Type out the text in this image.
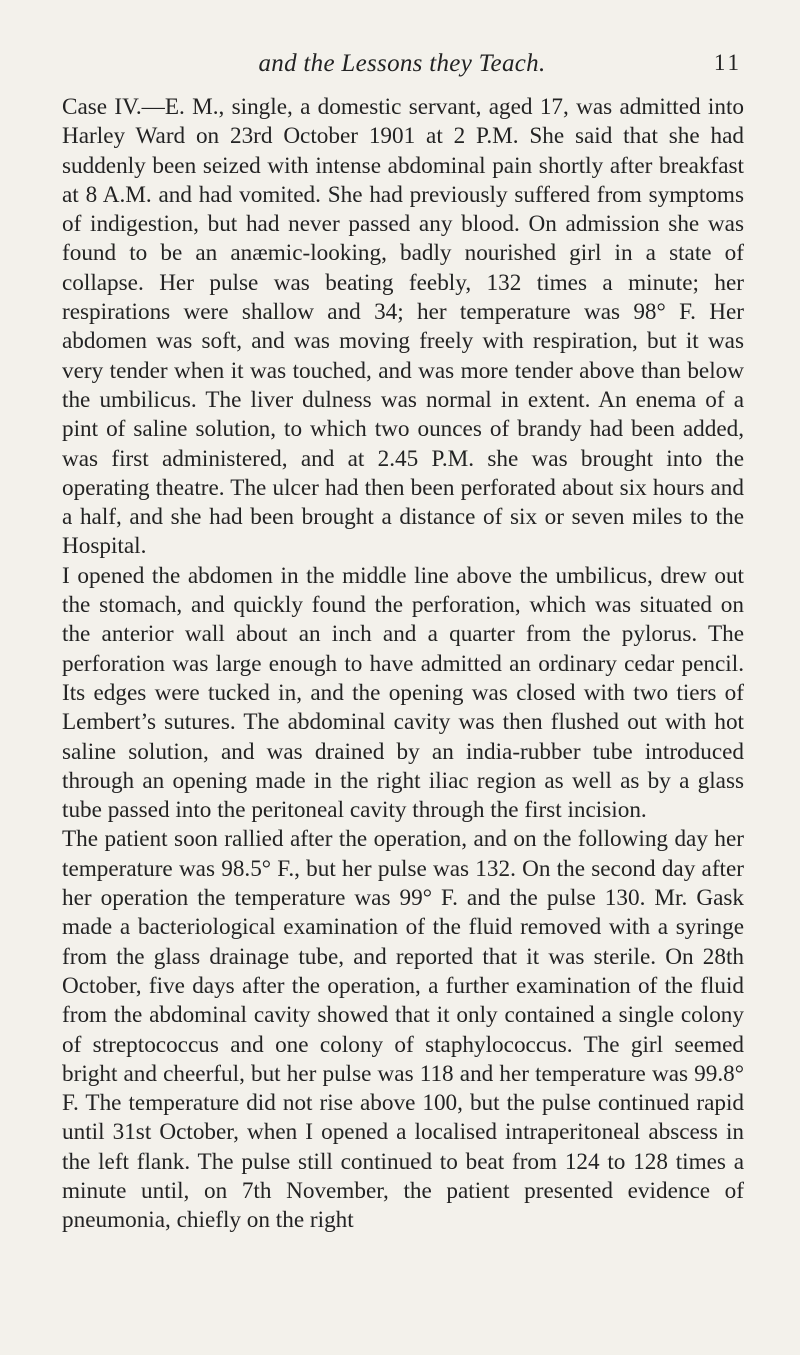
and the Lessons they Teach.	11

Case IV.—E. M., single, a domestic servant, aged 17, was admitted into Harley Ward on 23rd October 1901 at 2 P.M. She said that she had suddenly been seized with intense abdominal pain shortly after breakfast at 8 A.M. and had vomited. She had previously suffered from symptoms of indigestion, but had never passed any blood. On admission she was found to be an anæmic-looking, badly nourished girl in a state of collapse. Her pulse was beating feebly, 132 times a minute; her respirations were shallow and 34; her temperature was 98° F. Her abdomen was soft, and was moving freely with respiration, but it was very tender when it was touched, and was more tender above than below the umbilicus. The liver dulness was normal in extent. An enema of a pint of saline solution, to which two ounces of brandy had been added, was first administered, and at 2.45 P.M. she was brought into the operating theatre. The ulcer had then been perforated about six hours and a half, and she had been brought a distance of six or seven miles to the Hospital.

I opened the abdomen in the middle line above the umbilicus, drew out the stomach, and quickly found the perforation, which was situated on the anterior wall about an inch and a quarter from the pylorus. The perforation was large enough to have admitted an ordinary cedar pencil. Its edges were tucked in, and the opening was closed with two tiers of Lembert’s sutures. The abdominal cavity was then flushed out with hot saline solution, and was drained by an india-rubber tube introduced through an opening made in the right iliac region as well as by a glass tube passed into the peritoneal cavity through the first incision.

The patient soon rallied after the operation, and on the following day her temperature was 98.5° F., but her pulse was 132. On the second day after her operation the temperature was 99° F. and the pulse 130. Mr. Gask made a bacteriological examination of the fluid removed with a syringe from the glass drainage tube, and reported that it was sterile. On 28th October, five days after the operation, a further examination of the fluid from the abdominal cavity showed that it only contained a single colony of streptococcus and one colony of staphylococcus. The girl seemed bright and cheerful, but her pulse was 118 and her temperature was 99.8° F. The temperature did not rise above 100, but the pulse continued rapid until 31st October, when I opened a localised intraperitoneal abscess in the left flank. The pulse still continued to beat from 124 to 128 times a minute until, on 7th November, the patient presented evidence of pneumonia, chiefly on the right
